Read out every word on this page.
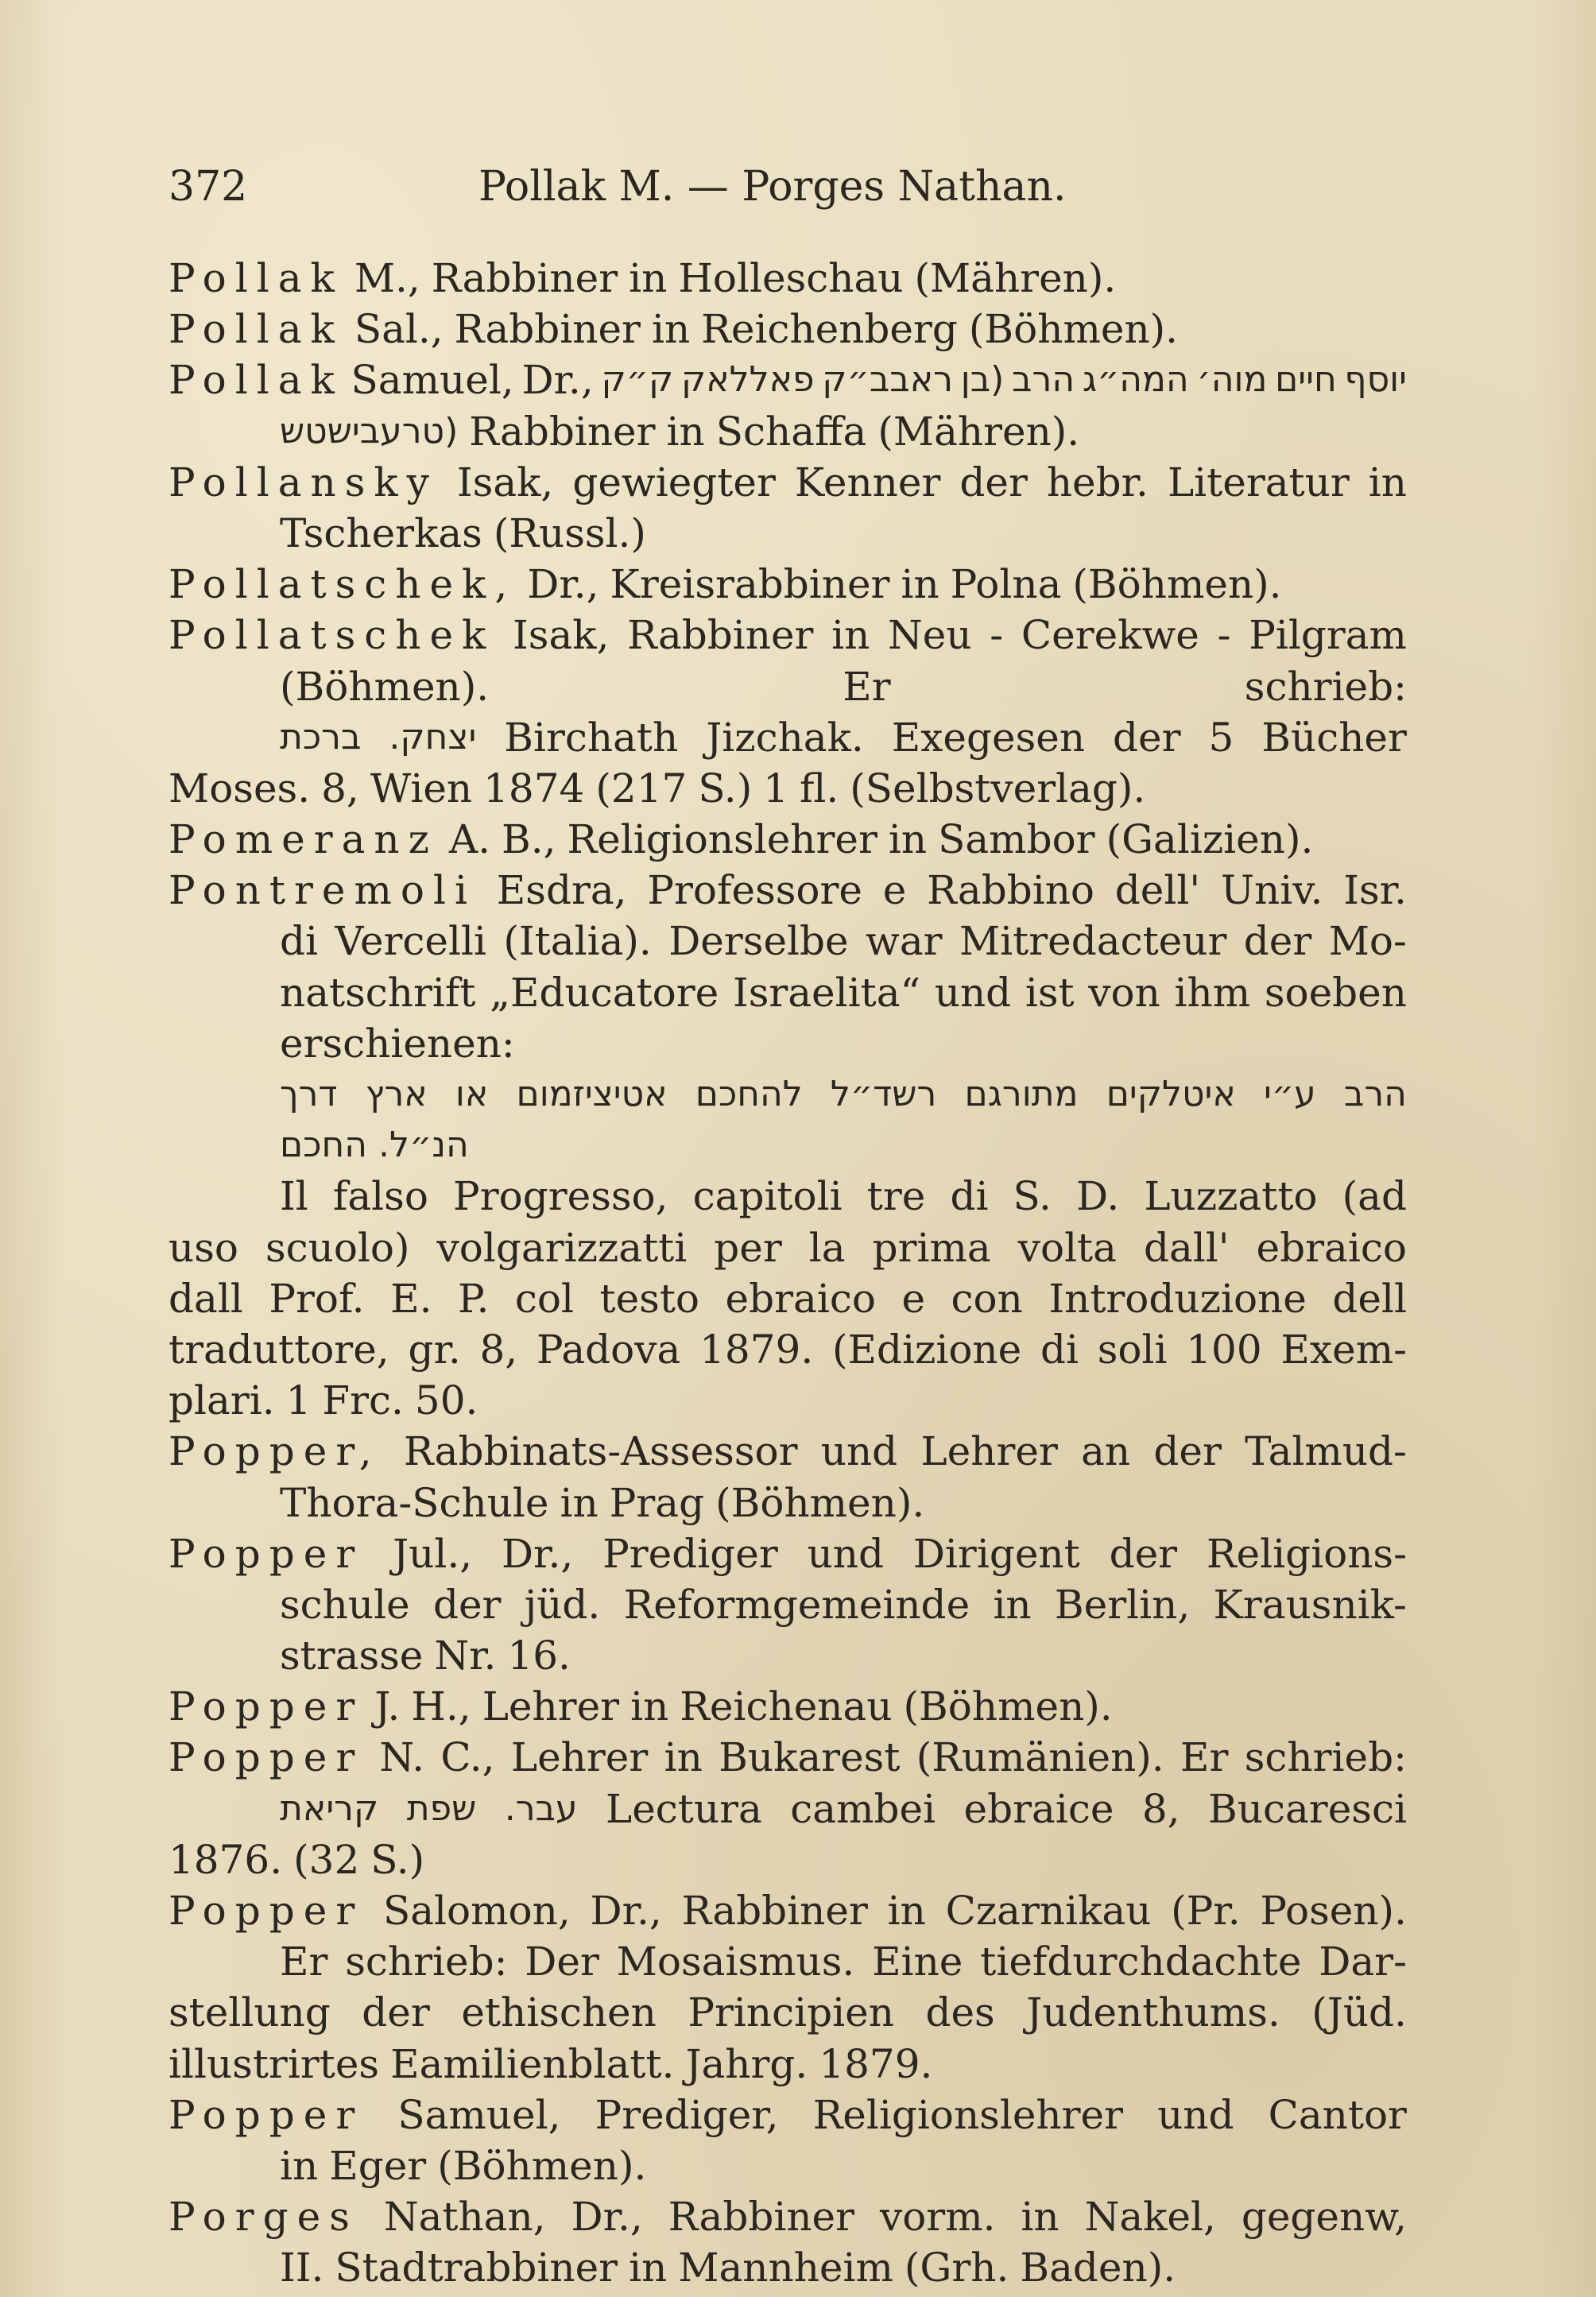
372	Pollak M. — Porges Nathan.
Pollak M., Rabbiner in Holleschau (Mähren).
Pollak Sal., Rabbiner in Reichenberg (Böhmen).
Pollak Samuel, Dr., ק״ק פאללאק ראבב״ק (בן הרב המה״ג מוה׳ חיים יוסף
(טרעבישטש Rabbiner in Schaffa (Mähren).
Pollansky Isak, gewiegter Kenner der hebr. Literatur in
Tscherkas (Russl.)
Pollatschek, Dr., Kreisrabbiner in Polna (Böhmen).
Pollatschek Isak, Rabbiner in Neu - Cerekwe - Pilgram
(Böhmen).	Er	schrieb:
ברכת יצחק. Birchath Jizchak. Exegesen der 5 Bücher
Moses. 8, Wien 1874 (217 S.) 1 fl. (Selbstverlag).
Pomeranz A. B., Religionslehrer in Sambor (Galizien).
Pontremoli Esdra, Professore e Rabbino dell' Univ. Isr.
di Vercelli (Italia). Derselbe war Mitredacteur der Mo-
natschrift „Educatore Israelita“ und ist von ihm soeben
erschienen:
דרך ארץ או אטיציזמום להחכם רשד״ל מתורגם איטלקים ע״י הרב
החכם הנ״ל.
Il falso Progresso, capitoli tre di S. D. Luzzatto (ad
uso scuolo) volgarizzatti per la prima volta dall' ebraico
dall Prof. E. P. col testo ebraico e con Introduzione dell
traduttore, gr. 8, Padova 1879. (Edizione di soli 100 Exem-
plari. 1 Frc. 50.
Popper, Rabbinats-Assessor und Lehrer an der Talmud-
Thora-Schule in Prag (Böhmen).
Popper Jul., Dr., Prediger und Dirigent der Religions-
schule der jüd. Reformgemeinde in Berlin, Krausnik-
strasse Nr. 16.
Popper J. H., Lehrer in Reichenau (Böhmen).
Popper N. C., Lehrer in Bukarest (Rumänien). Er schrieb:
קריאת שפת עבר. Lectura cambei ebraice 8, Bucaresci
1876. (32 S.)
Popper Salomon, Dr., Rabbiner in Czarnikau (Pr. Posen).
Er schrieb: Der Mosaismus. Eine tiefdurchdachte Dar-
stellung der ethischen Principien des Judenthums. (Jüd.
illustrirtes Eamilienblatt. Jahrg. 1879.
Popper Samuel, Prediger, Religionslehrer und Cantor
in Eger (Böhmen).
Porges Nathan, Dr., Rabbiner vorm. in Nakel, gegenw,
II. Stadtrabbiner in Mannheim (Grh. Baden).
